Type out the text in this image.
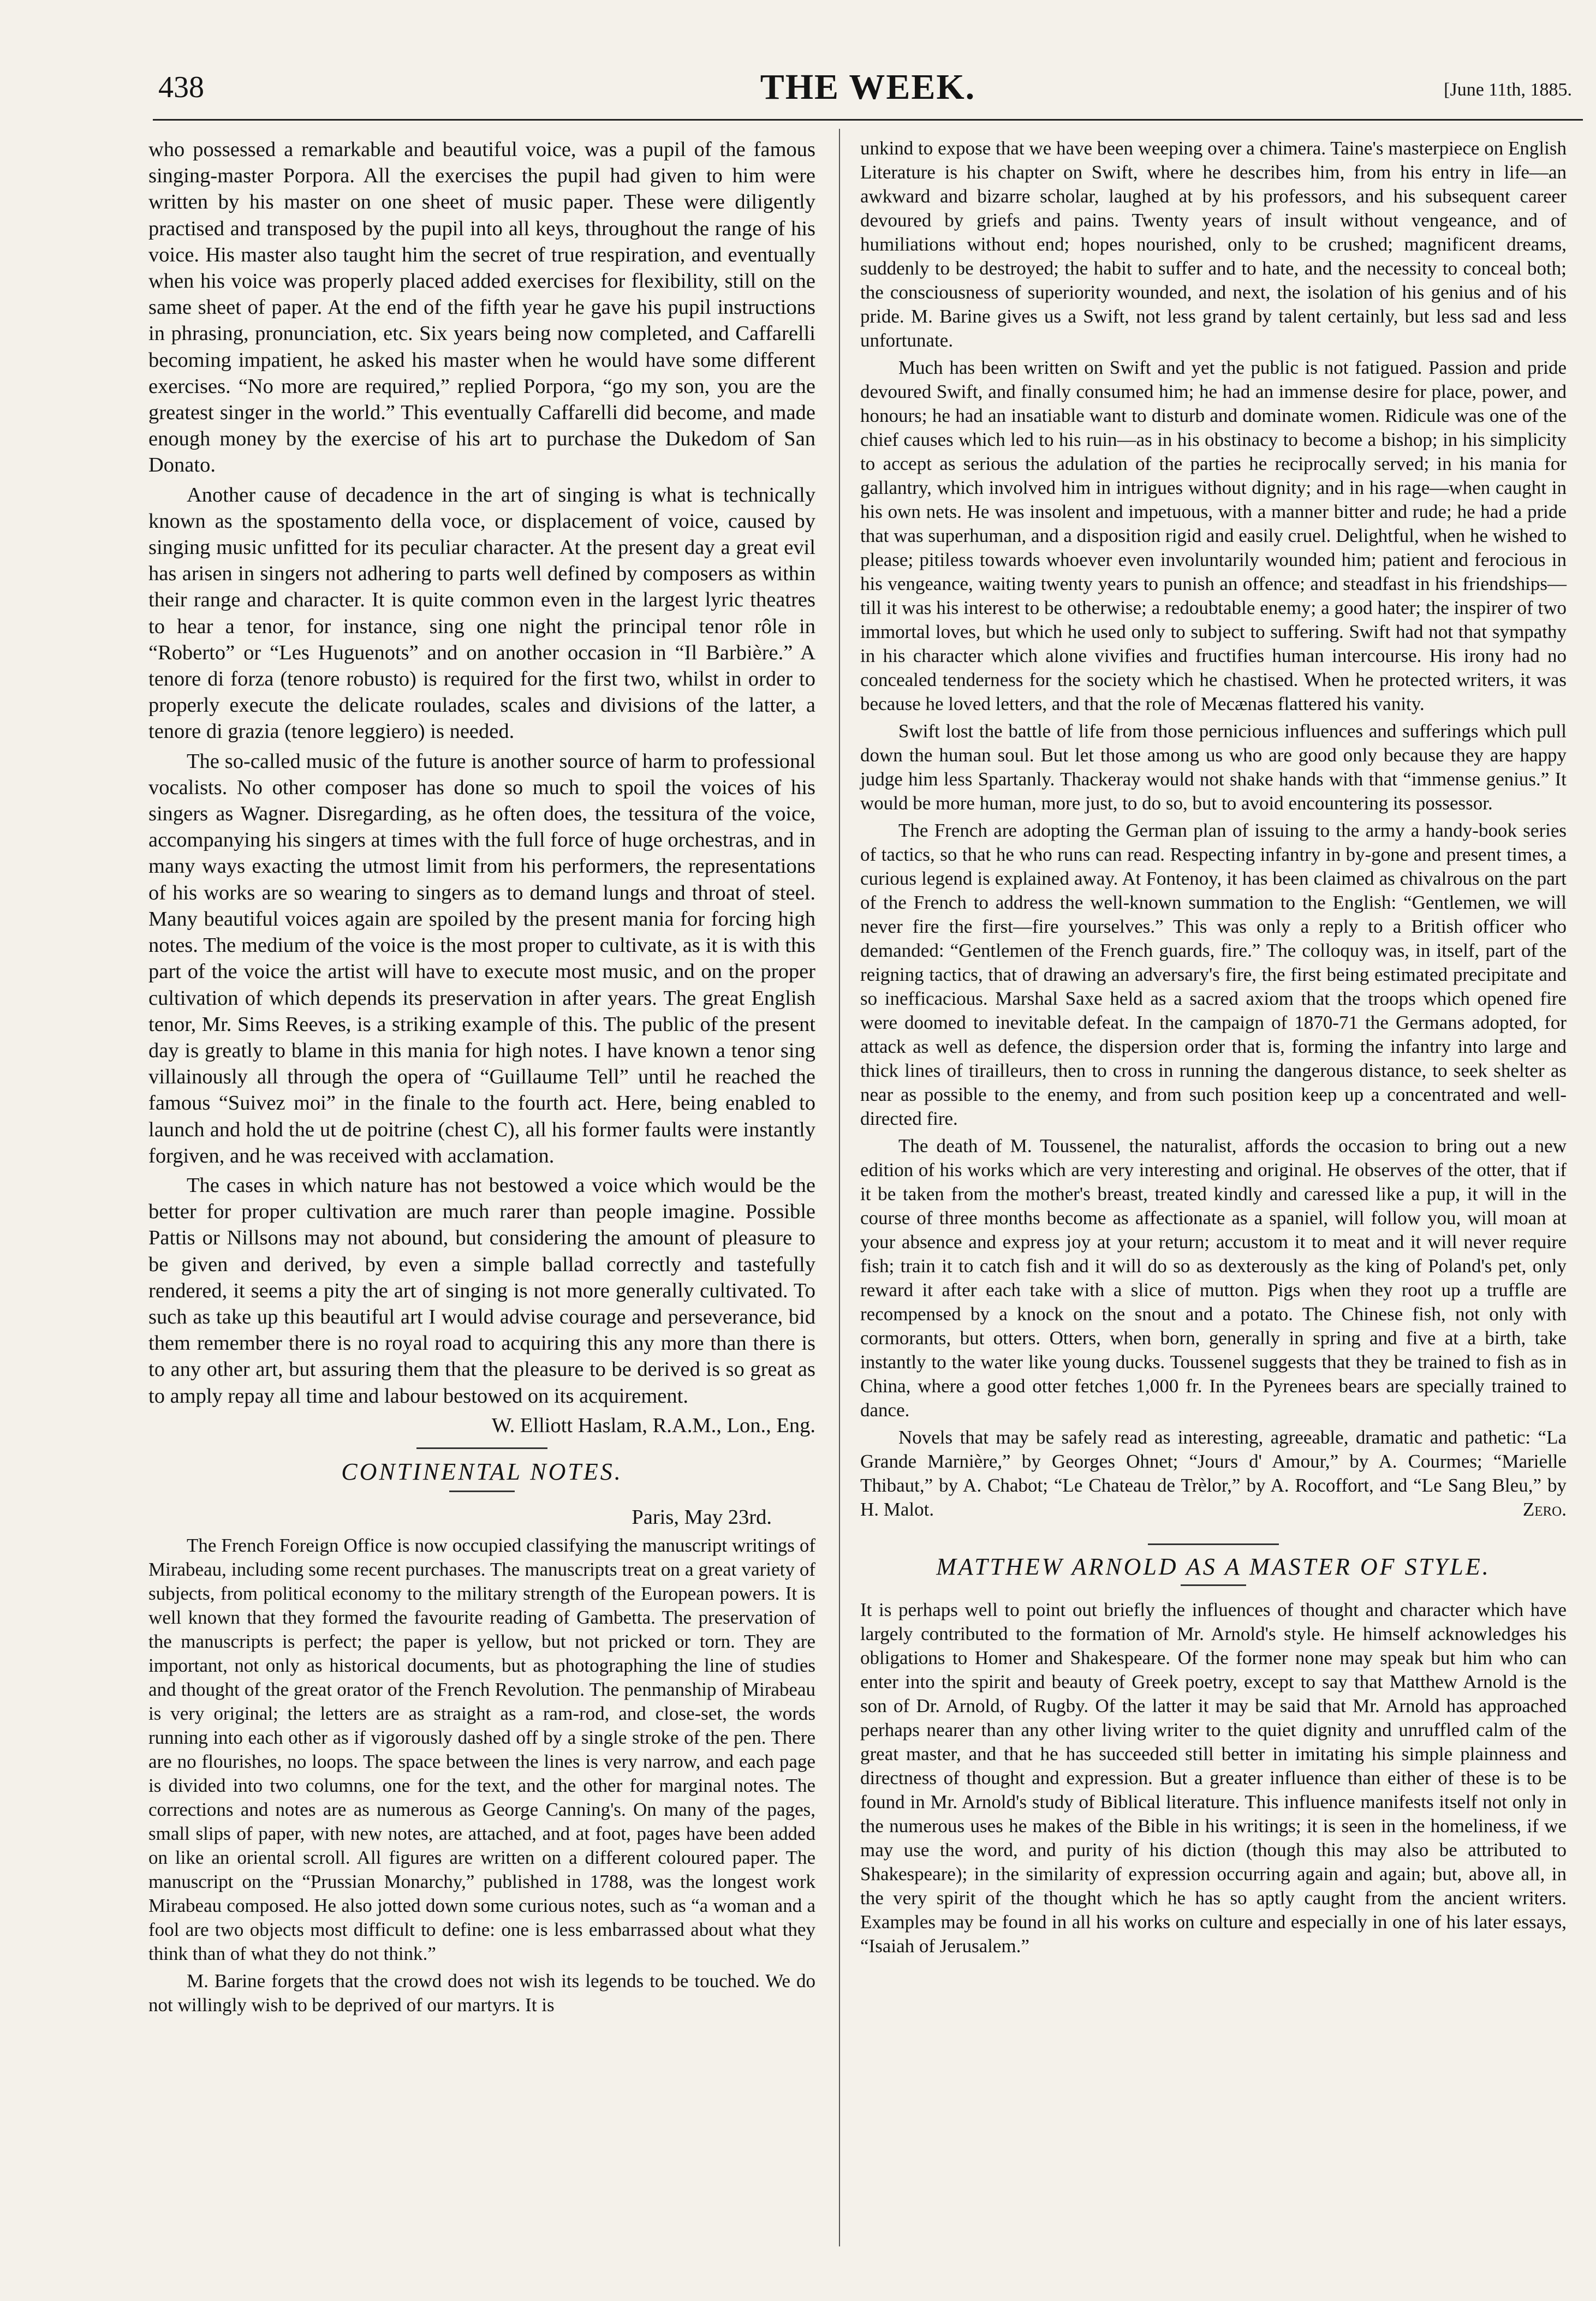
438	THE WEEK.	[June 11th, 1885.

who possessed a remarkable and beautiful voice, was a pupil of the famous singing-master Porpora. All the exercises the pupil had given to him were written by his master on one sheet of music paper. These were diligently practised and transposed by the pupil into all keys, throughout the range of his voice. His master also taught him the secret of true respiration, and eventually when his voice was properly placed added exercises for flexibility, still on the same sheet of paper. At the end of the fifth year he gave his pupil instructions in phrasing, pronunciation, etc. Six years being now completed, and Caffarelli becoming impatient, he asked his master when he would have some different exercises. “No more are required,” replied Porpora, “go my son, you are the greatest singer in the world.” This eventually Caffarelli did become, and made enough money by the exercise of his art to purchase the Dukedom of San Donato.

Another cause of decadence in the art of singing is what is technically known as the spostamento della voce, or displacement of voice, caused by singing music unfitted for its peculiar character. At the present day a great evil has arisen in singers not adhering to parts well defined by composers as within their range and character. It is quite common even in the largest lyric theatres to hear a tenor, for instance, sing one night the principal tenor rôle in “Roberto” or “Les Huguenots” and on another occasion in “Il Barbière.” A tenore di forza (tenore robusto) is required for the first two, whilst in order to properly execute the delicate roulades, scales and divisions of the latter, a tenore di grazia (tenore leggiero) is needed.

The so-called music of the future is another source of harm to professional vocalists. No other composer has done so much to spoil the voices of his singers as Wagner. Disregarding, as he often does, the tessitura of the voice, accompanying his singers at times with the full force of huge orchestras, and in many ways exacting the utmost limit from his performers, the representations of his works are so wearing to singers as to demand lungs and throat of steel. Many beautiful voices again are spoiled by the present mania for forcing high notes. The medium of the voice is the most proper to cultivate, as it is with this part of the voice the artist will have to execute most music, and on the proper cultivation of which depends its preservation in after years. The great English tenor, Mr. Sims Reeves, is a striking example of this. The public of the present day is greatly to blame in this mania for high notes. I have known a tenor sing villainously all through the opera of “Guillaume Tell” until he reached the famous “Suivez moi” in the finale to the fourth act. Here, being enabled to launch and hold the ut de poitrine (chest C), all his former faults were instantly forgiven, and he was received with acclamation.

The cases in which nature has not bestowed a voice which would be the better for proper cultivation are much rarer than people imagine. Possible Pattis or Nillsons may not abound, but considering the amount of pleasure to be given and derived, by even a simple ballad correctly and tastefully rendered, it seems a pity the art of singing is not more generally cultivated. To such as take up this beautiful art I would advise courage and perseverance, bid them remember there is no royal road to acquiring this any more than there is to any other art, but assuring them that the pleasure to be derived is so great as to amply repay all time and labour bestowed on its acquirement.

W. Elliott Haslam, R.A.M., Lon., Eng.

CONTINENTAL NOTES.

Paris, May 23rd.

The French Foreign Office is now occupied classifying the manuscript writings of Mirabeau, including some recent purchases. The manuscripts treat on a great variety of subjects, from political economy to the military strength of the European powers. It is well known that they formed the favourite reading of Gambetta. The preservation of the manuscripts is perfect; the paper is yellow, but not pricked or torn. They are important, not only as historical documents, but as photographing the line of studies and thought of the great orator of the French Revolution. The penmanship of Mirabeau is very original; the letters are as straight as a ram-rod, and close-set, the words running into each other as if vigorously dashed off by a single stroke of the pen. There are no flourishes, no loops. The space between the lines is very narrow, and each page is divided into two columns, one for the text, and the other for marginal notes. The corrections and notes are as numerous as George Canning's. On many of the pages, small slips of paper, with new notes, are attached, and at foot, pages have been added on like an oriental scroll. All figures are written on a different coloured paper. The manuscript on the “Prussian Monarchy,” published in 1788, was the longest work Mirabeau composed. He also jotted down some curious notes, such as “a woman and a fool are two objects most difficult to define: one is less embarrassed about what they think than of what they do not think.”

M. Barine forgets that the crowd does not wish its legends to be touched. We do not willingly wish to be deprived of our martyrs. It is

unkind to expose that we have been weeping over a chimera. Taine's masterpiece on English Literature is his chapter on Swift, where he describes him, from his entry in life—an awkward and bizarre scholar, laughed at by his professors, and his subsequent career devoured by griefs and pains. Twenty years of insult without vengeance, and of humiliations without end; hopes nourished, only to be crushed; magnificent dreams, suddenly to be destroyed; the habit to suffer and to hate, and the necessity to conceal both; the consciousness of superiority wounded, and next, the isolation of his genius and of his pride. M. Barine gives us a Swift, not less grand by talent certainly, but less sad and less unfortunate.

Much has been written on Swift and yet the public is not fatigued. Passion and pride devoured Swift, and finally consumed him; he had an immense desire for place, power, and honours; he had an insatiable want to disturb and dominate women. Ridicule was one of the chief causes which led to his ruin—as in his obstinacy to become a bishop; in his simplicity to accept as serious the adulation of the parties he reciprocally served; in his mania for gallantry, which involved him in intrigues without dignity; and in his rage—when caught in his own nets. He was insolent and impetuous, with a manner bitter and rude; he had a pride that was superhuman, and a disposition rigid and easily cruel. Delightful, when he wished to please; pitiless towards whoever even involuntarily wounded him; patient and ferocious in his vengeance, waiting twenty years to punish an offence; and steadfast in his friendships—till it was his interest to be otherwise; a redoubtable enemy; a good hater; the inspirer of two immortal loves, but which he used only to subject to suffering. Swift had not that sympathy in his character which alone vivifies and fructifies human intercourse. His irony had no concealed tenderness for the society which he chastised. When he protected writers, it was because he loved letters, and that the role of Mecænas flattered his vanity.

Swift lost the battle of life from those pernicious influences and sufferings which pull down the human soul. But let those among us who are good only because they are happy judge him less Spartanly. Thackeray would not shake hands with that “immense genius.” It would be more human, more just, to do so, but to avoid encountering its possessor.

The French are adopting the German plan of issuing to the army a handy-book series of tactics, so that he who runs can read. Respecting infantry in by-gone and present times, a curious legend is explained away. At Fontenoy, it has been claimed as chivalrous on the part of the French to address the well-known summation to the English: “Gentlemen, we will never fire the first—fire yourselves.” This was only a reply to a British officer who demanded: “Gentlemen of the French guards, fire.” The colloquy was, in itself, part of the reigning tactics, that of drawing an adversary's fire, the first being estimated precipitate and so inefficacious. Marshal Saxe held as a sacred axiom that the troops which opened fire were doomed to inevitable defeat. In the campaign of 1870-71 the Germans adopted, for attack as well as defence, the dispersion order that is, forming the infantry into large and thick lines of tirailleurs, then to cross in running the dangerous distance, to seek shelter as near as possible to the enemy, and from such position keep up a concentrated and well-directed fire.

The death of M. Toussenel, the naturalist, affords the occasion to bring out a new edition of his works which are very interesting and original. He observes of the otter, that if it be taken from the mother's breast, treated kindly and caressed like a pup, it will in the course of three months become as affectionate as a spaniel, will follow you, will moan at your absence and express joy at your return; accustom it to meat and it will never require fish; train it to catch fish and it will do so as dexterously as the king of Poland's pet, only reward it after each take with a slice of mutton. Pigs when they root up a truffle are recompensed by a knock on the snout and a potato. The Chinese fish, not only with cormorants, but otters. Otters, when born, generally in spring and five at a birth, take instantly to the water like young ducks. Toussenel suggests that they be trained to fish as in China, where a good otter fetches 1,000 fr. In the Pyrenees bears are specially trained to dance.

Novels that may be safely read as interesting, agreeable, dramatic and pathetic: “La Grande Marnière,” by Georges Ohnet; “Jours d' Amour,” by A. Courmes; “Marielle Thibaut,” by A. Chabot; “Le Chateau de Trèlor,” by A. Rocoffort, and “Le Sang Bleu,” by H. Malot.	Zero.

MATTHEW ARNOLD AS A MASTER OF STYLE.

It is perhaps well to point out briefly the influences of thought and character which have largely contributed to the formation of Mr. Arnold's style. He himself acknowledges his obligations to Homer and Shakespeare. Of the former none may speak but him who can enter into the spirit and beauty of Greek poetry, except to say that Matthew Arnold is the son of Dr. Arnold, of Rugby. Of the latter it may be said that Mr. Arnold has approached perhaps nearer than any other living writer to the quiet dignity and unruffled calm of the great master, and that he has succeeded still better in imitating his simple plainness and directness of thought and expression. But a greater influence than either of these is to be found in Mr. Arnold's study of Biblical literature. This influence manifests itself not only in the numerous uses he makes of the Bible in his writings; it is seen in the homeliness, if we may use the word, and purity of his diction (though this may also be attributed to Shakespeare); in the similarity of expression occurring again and again; but, above all, in the very spirit of the thought which he has so aptly caught from the ancient writers. Examples may be found in all his works on culture and especially in one of his later essays, “Isaiah of Jerusalem.”
